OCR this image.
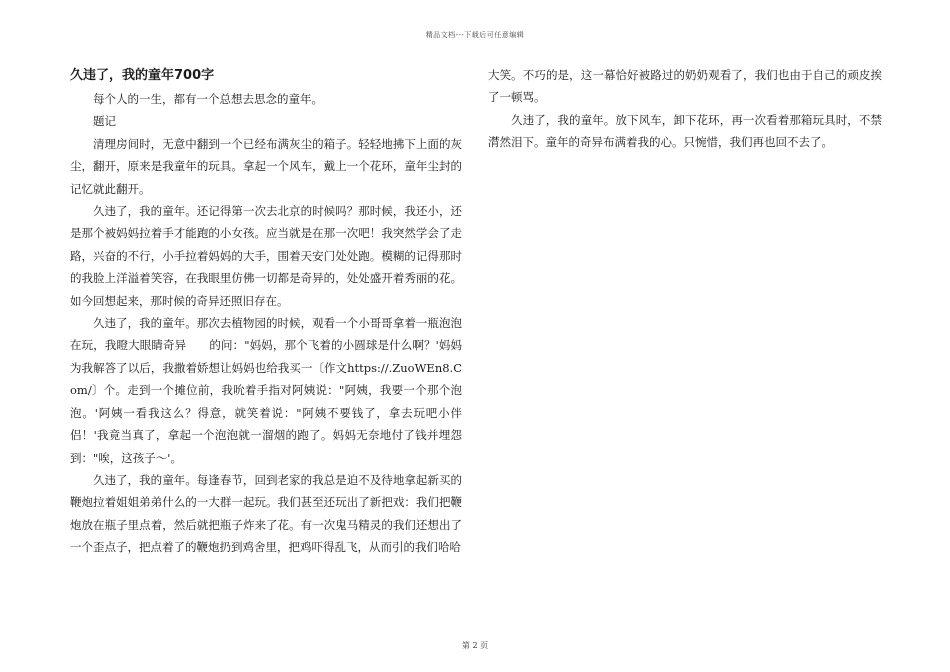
精品文档---下载后可任意编辑
久违了，我的童年700字

每个人的一生，都有一个总想去思念的童年。

题记

清理房间时，无意中翻到一个已经布满灰尘的箱子。轻轻地拂下上面的灰尘，翻开，原来是我童年的玩具。拿起一个风车，戴上一个花环，童年尘封的记忆就此翻开。

久违了，我的童年。还记得第一次去北京的时候吗？那时候，我还小，还是那个被妈妈拉着手才能跑的小女孩。应当就是在那一次吧！我突然学会了走路，兴奋的不行，小手拉着妈妈的大手，围着天安门处处跑。模糊的记得那时的我脸上洋溢着笑容，在我眼里仿佛一切都是奇异的，处处盛开着秀丽的花。如今回想起来，那时候的奇异还照旧存在。

久违了，我的童年。那次去植物园的时候，观看一个小哥哥拿着一瓶泡泡在玩，我瞪大眼睛奇异　　的问："妈妈，那个飞着的小圆球是什么啊？'妈妈为我解答了以后，我撒着娇想让妈妈也给我买一〔作文https://.ZuoWEn8.Com/〕个。走到一个摊位前，我吮着手指对阿姨说："阿姨，我要一个那个泡泡。'阿姨一看我这么？得意，就笑着说："阿姨不要钱了，拿去玩吧小伴侣！'我竟当真了，拿起一个泡泡就一溜烟的跑了。妈妈无奈地付了钱并埋怨到："唉，这孩子～'。

久违了，我的童年。每逢春节，回到老家的我总是迫不及待地拿起新买的鞭炮拉着姐姐弟弟什么的一大群一起玩。我们甚至还玩出了新把戏：我们把鞭炮放在瓶子里点着，然后就把瓶子炸来了花。有一次鬼马精灵的我们还想出了一个歪点子，把点着了的鞭炮扔到鸡舍里，把鸡吓得乱飞，从而引的我们哈哈

大笑。不巧的是，这一幕恰好被路过的奶奶观看了，我们也由于自己的顽皮挨了一顿骂。

久违了，我的童年。放下风车，卸下花环，再一次看着那箱玩具时，不禁潸然泪下。童年的奇异布满着我的心。只惋惜，我们再也回不去了。

第 2 页
